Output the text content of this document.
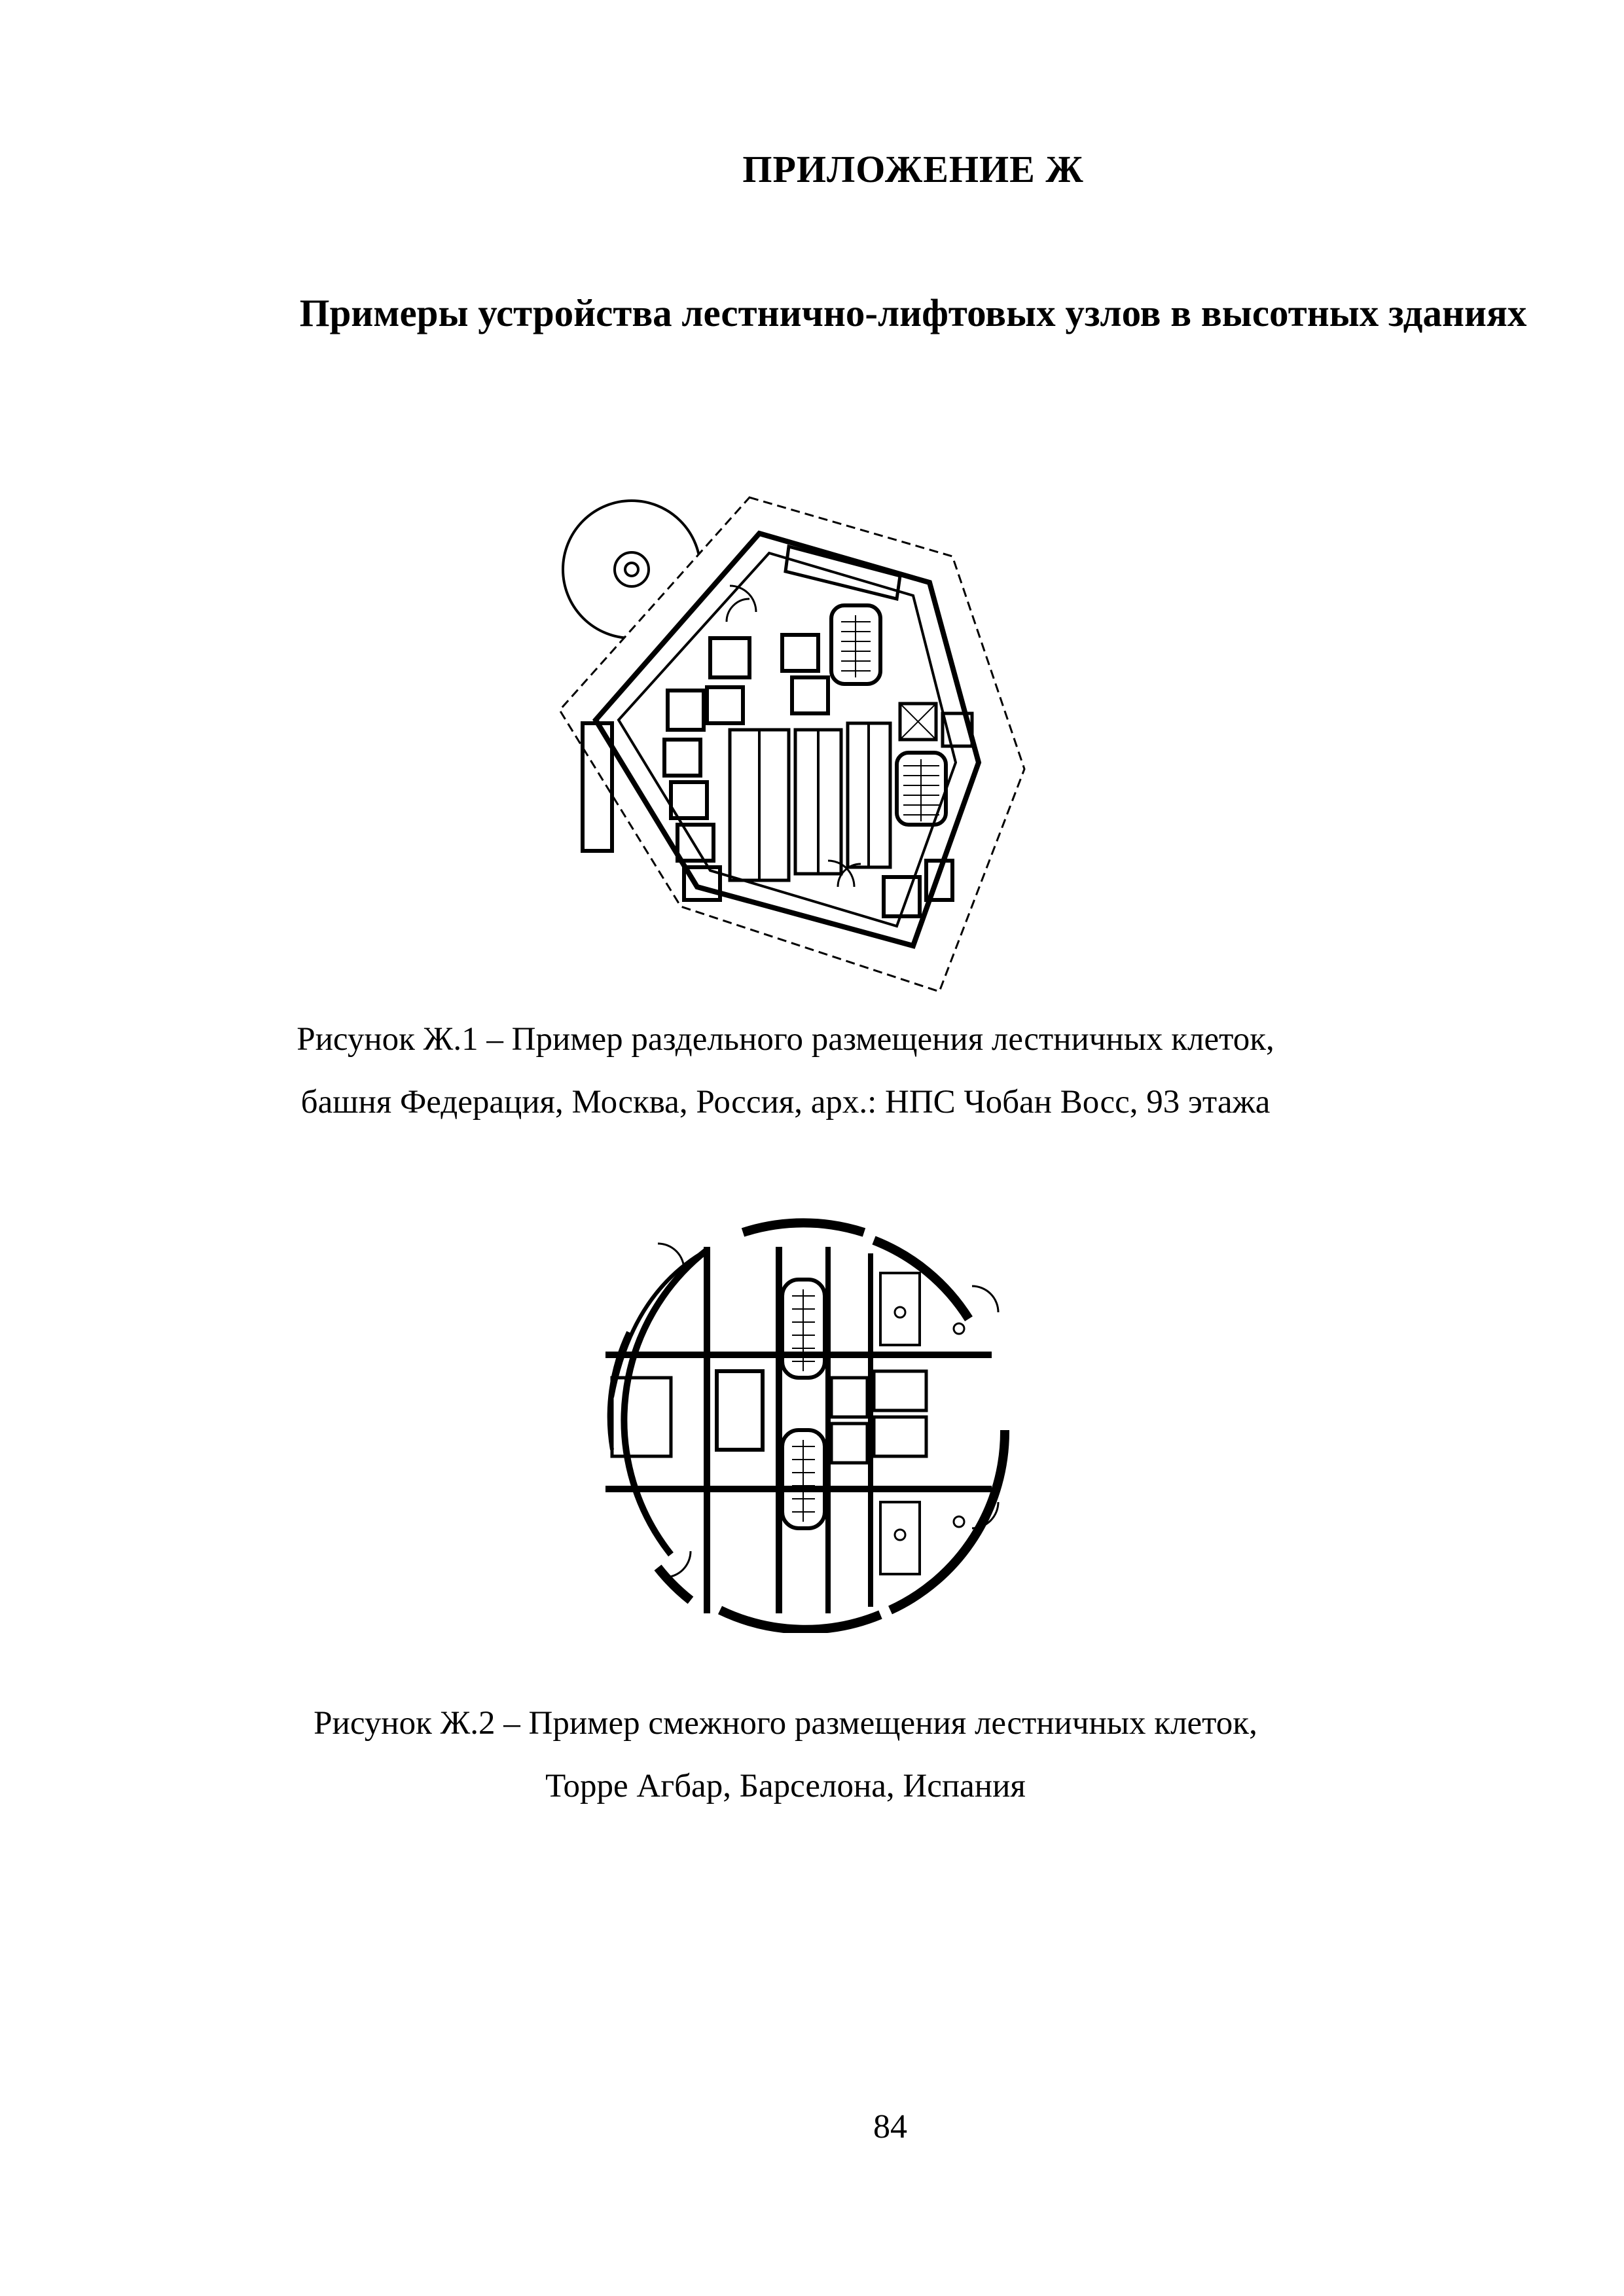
ПРИЛОЖЕНИЕ Ж
Примеры устройства лестнично-лифтовых узлов в высотных зданиях
Рисунок Ж.1 – Пример раздельного размещения лестничных клеток,
башня Федерация, Москва, Россия, арх.: НПС Чобан Восс, 93 этажа
Рисунок Ж.2 – Пример смежного размещения лестничных клеток,
Торре Агбар, Барселона, Испания
84
